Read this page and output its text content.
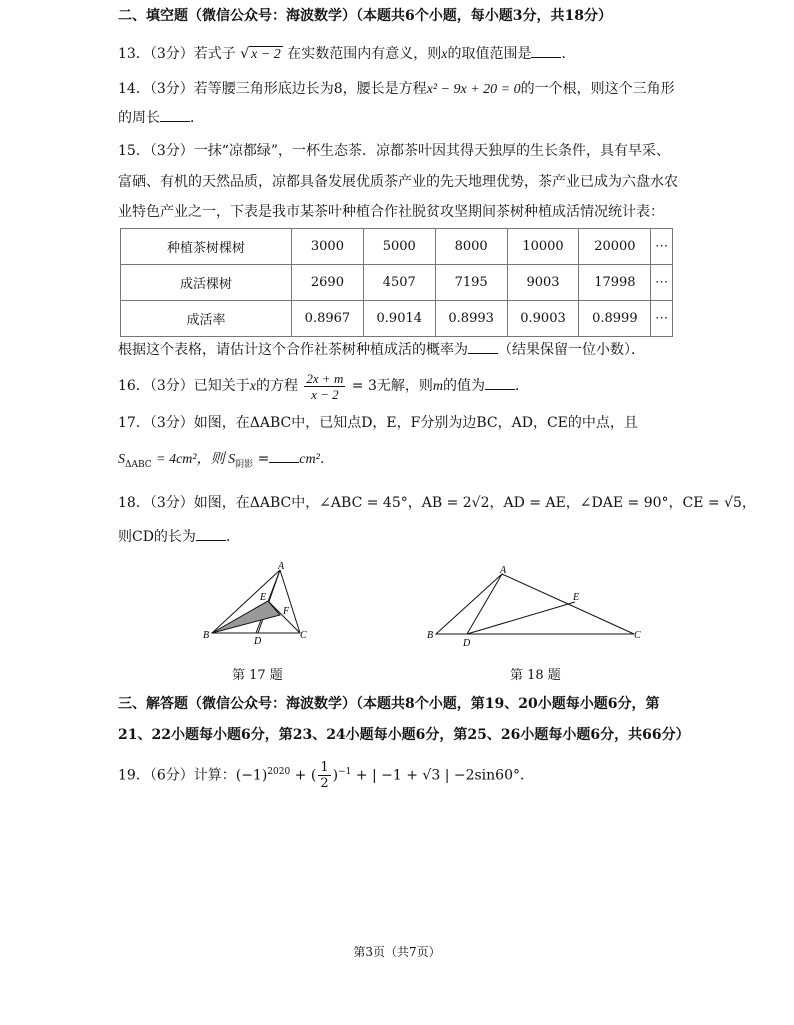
二、填空题（微信公众号：海波数学）（本题共6个小题，每小题3分，共18分）
13．（3分）若式子 √ x − 2 在实数范围内有意义，则x的取值范围是 ．
14．（3分）若等腰三角形底边长为8，腰长是方程x² − 9x + 20 = 0的一个根，则这个三角形
的周长 ．
15．（3分）一抹“凉都绿”，一杯生态茶．凉都茶叶因其得天独厚的生长条件，具有早采、
富硒、有机的天然品质，凉都具备发展优质茶产业的先天地理优势，茶产业已成为六盘水农
业特色产业之一，下表是我市某茶叶种植合作社脱贫攻坚期间茶树种植成活情况统计表：
种植茶树棵树	3000	5000	8000	10000	20000	⋯
成活棵树	2690	4507	7195	9003	17998	⋯
成活率	0.8967	0.9014	0.8993	0.9003	0.8999	⋯
根据这个表格，请估计这个合作社茶树种植成活的概率为 （结果保留一位小数）．
16．（3分）已知关于x的方程 $\frac{2x + m}{x - 2} = 3$无解，则m的值为 ．
17．（3分）如图，在ΔABC中，已知点D，E，F分别为边BC，AD，CE的中点，且
$S_{\Delta ABC} = 4cm^2$，则 $S_{阴影} = cm^2$．
18．（3分）如图，在ΔABC中，∠ABC = 45°，AB = 2√2，AD = AE，∠DAE = 90°，CE = √5，
则CD的长为 ．
A
B	C
D
E
F
第 17 题
A
B	C
D
E
第 18 题
三、解答题（微信公众号：海波数学）（本题共8个小题，第19、20小题每小题6分，第
21、22小题每小题6分，第23、24小题每小题6分，第25、26小题每小题6分，共66分）
19．（6分）计算：$(-1)^{2020}$ + ( $\frac{1}{2} )^{-1}$ + | −1 + √3 | −2sin60°．
第3页（共7页）
